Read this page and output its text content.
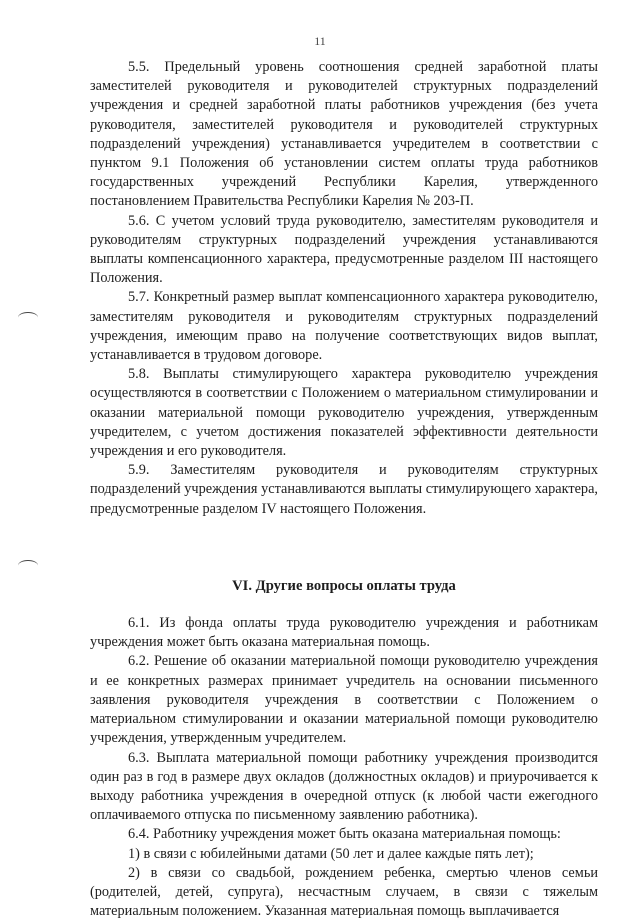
11

5.5. Предельный уровень соотношения средней заработной платы заместителей руководителя и руководителей структурных подразделений учреждения и средней заработной платы работников учреждения (без учета руководителя, заместителей руководителя и руководителей структурных подразделений учреждения) устанавливается учредителем в соответствии с пунктом 9.1 Положения об установлении систем оплаты труда работников государственных учреждений Республики Карелия, утвержденного постановлением Правительства Республики Карелия № 203-П.

5.6. С учетом условий труда руководителю, заместителям руководителя и руководителям структурных подразделений учреждения устанавливаются выплаты компенсационного характера, предусмотренные разделом III настоящего Положения.

5.7. Конкретный размер выплат компенсационного характера руководителю, заместителям руководителя и руководителям структурных подразделений учреждения, имеющим право на получение соответствующих видов выплат, устанавливается в трудовом договоре.

5.8. Выплаты стимулирующего характера руководителю учреждения осуществляются в соответствии с Положением о материальном стимулировании и оказании материальной помощи руководителю учреждения, утвержденным учредителем, с учетом достижения показателей эффективности деятельности учреждения и его руководителя.

5.9. Заместителям руководителя и руководителям структурных подразделений учреждения устанавливаются выплаты стимулирующего характера, предусмотренные разделом IV настоящего Положения.

VI. Другие вопросы оплаты труда

6.1. Из фонда оплаты труда руководителю учреждения и работникам учреждения может быть оказана материальная помощь.

6.2. Решение об оказании материальной помощи руководителю учреждения и ее конкретных размерах принимает учредитель на основании письменного заявления руководителя учреждения в соответствии с Положением о материальном стимулировании и оказании материальной помощи руководителю учреждения, утвержденным учредителем.

6.3. Выплата материальной помощи работнику учреждения производится один раз в год в размере двух окладов (должностных окладов) и приурочивается к выходу работника учреждения в очередной отпуск (к любой части ежегодного оплачиваемого отпуска по письменному заявлению работника).

6.4. Работнику учреждения может быть оказана материальная помощь:

1) в связи с юбилейными датами (50 лет и далее каждые пять лет);

2) в связи со свадьбой, рождением ребенка, смертью членов семьи (родителей, детей, супруга), несчастным случаем, в связи с тяжелым материальным положением. Указанная материальная помощь выплачивается
